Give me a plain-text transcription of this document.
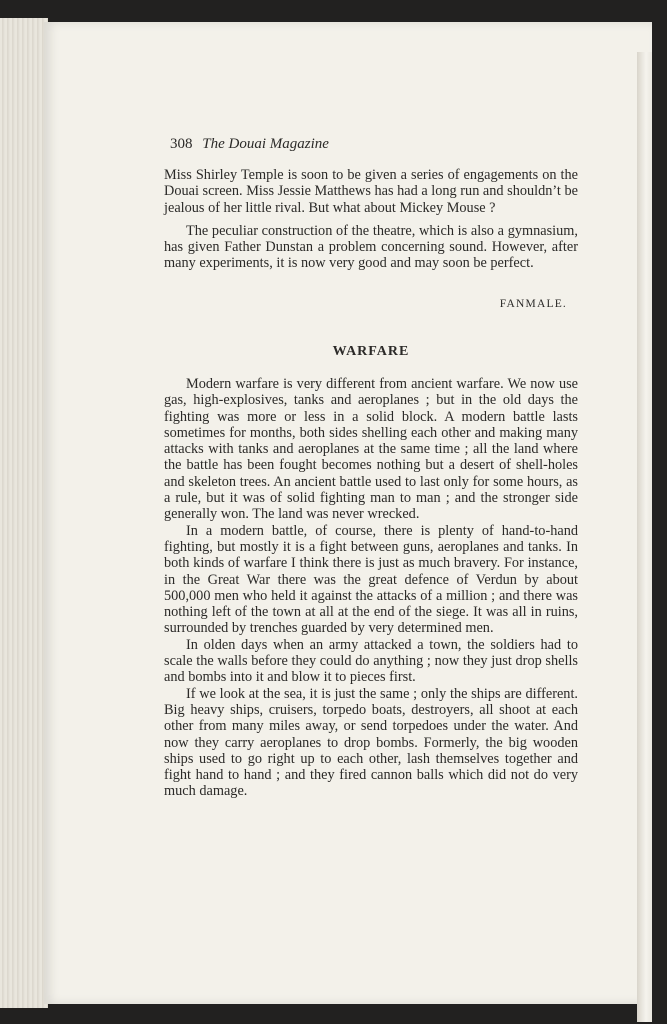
308 The Douai Magazine

Miss Shirley Temple is soon to be given a series of engagements on the Douai screen. Miss Jessie Matthews has had a long run and shouldn’t be jealous of her little rival. But what about Mickey Mouse ?

The peculiar construction of the theatre, which is also a gymnasium, has given Father Dunstan a problem concerning sound. However, after many experiments, it is now very good and may soon be perfect.

FANMALE.
WARFARE

Modern warfare is very different from ancient warfare. We now use gas, high-explosives, tanks and aeroplanes ; but in the old days the fighting was more or less in a solid block. A modern battle lasts sometimes for months, both sides shelling each other and making many attacks with tanks and aeroplanes at the same time ; all the land where the battle has been fought becomes nothing but a desert of shell-holes and skeleton trees. An ancient battle used to last only for some hours, as a rule, but it was of solid fighting man to man ; and the stronger side generally won. The land was never wrecked.

In a modern battle, of course, there is plenty of hand-to-hand fighting, but mostly it is a fight between guns, aeroplanes and tanks. In both kinds of warfare I think there is just as much bravery. For instance, in the Great War there was the great defence of Verdun by about 500,000 men who held it against the attacks of a million ; and there was nothing left of the town at all at the end of the siege. It was all in ruins, surrounded by trenches guarded by very determined men.

In olden days when an army attacked a town, the soldiers had to scale the walls before they could do anything ; now they just drop shells and bombs into it and blow it to pieces first.

If we look at the sea, it is just the same ; only the ships are different. Big heavy ships, cruisers, torpedo boats, destroyers, all shoot at each other from many miles away, or send torpedoes under the water. And now they carry aeroplanes to drop bombs. Formerly, the big wooden ships used to go right up to each other, lash themselves together and fight hand to hand ; and they fired cannon balls which did not do very much damage.
